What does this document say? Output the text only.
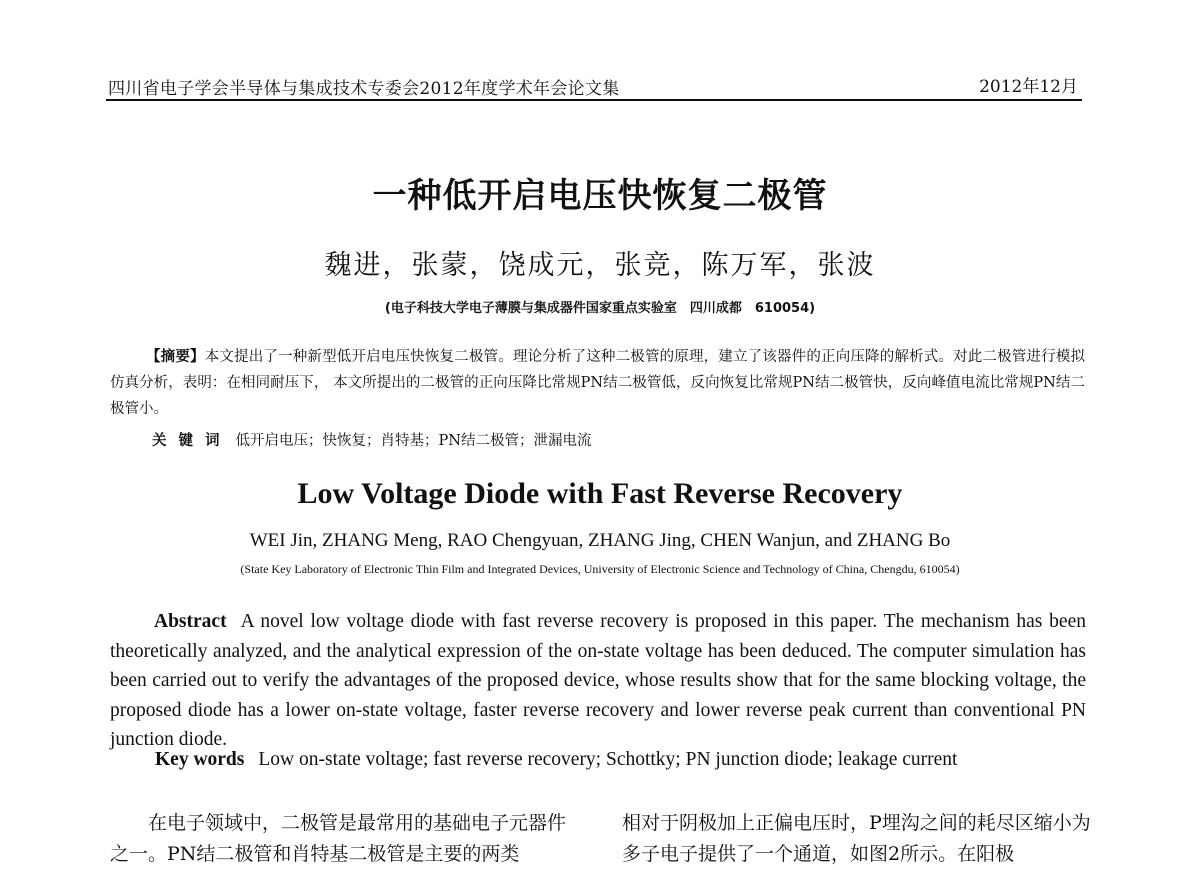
四川省电子学会半导体与集成技术专委会2012年度学术年会论文集	2012年12月
一种低开启电压快恢复二极管
魏进，张蒙，饶成元，张竞，陈万军，张波
(电子科技大学电子薄膜与集成器件国家重点实验室　四川成都　610054)
【摘要】本文提出了一种新型低开启电压快恢复二极管。理论分析了这种二极管的原理，建立了该器件的正向压降的解析式。对此二极管进行模拟仿真分析，表明：在相同耐压下， 本文所提出的二极管的正向压降比常规PN结二极管低，反向恢复比常规PN结二极管快，反向峰值电流比常规PN结二极管小。
关键词 低开启电压；快恢复；肖特基；PN结二极管；泄漏电流
Low Voltage Diode with Fast Reverse Recovery
WEI Jin, ZHANG Meng, RAO Chengyuan, ZHANG Jing, CHEN Wanjun, and ZHANG Bo
(State Key Laboratory of Electronic Thin Film and Integrated Devices, University of Electronic Science and Technology of China, Chengdu, 610054)
Abstract A novel low voltage diode with fast reverse recovery is proposed in this paper. The mechanism has been theoretically analyzed, and the analytical expression of the on-state voltage has been deduced. The computer simulation has been carried out to verify the advantages of the proposed device, whose results show that for the same blocking voltage, the proposed diode has a lower on-state voltage, faster reverse recovery and lower reverse peak current than conventional PN junction diode.
Key words Low on-state voltage; fast reverse recovery; Schottky; PN junction diode; leakage current
在电子领域中，二极管是最常用的基础电子元器件之一。PN结二极管和肖特基二极管是主要的两类
相对于阴极加上正偏电压时，P埋沟之间的耗尽区缩小为多子电子提供了一个通道，如图2所示。在阳极
